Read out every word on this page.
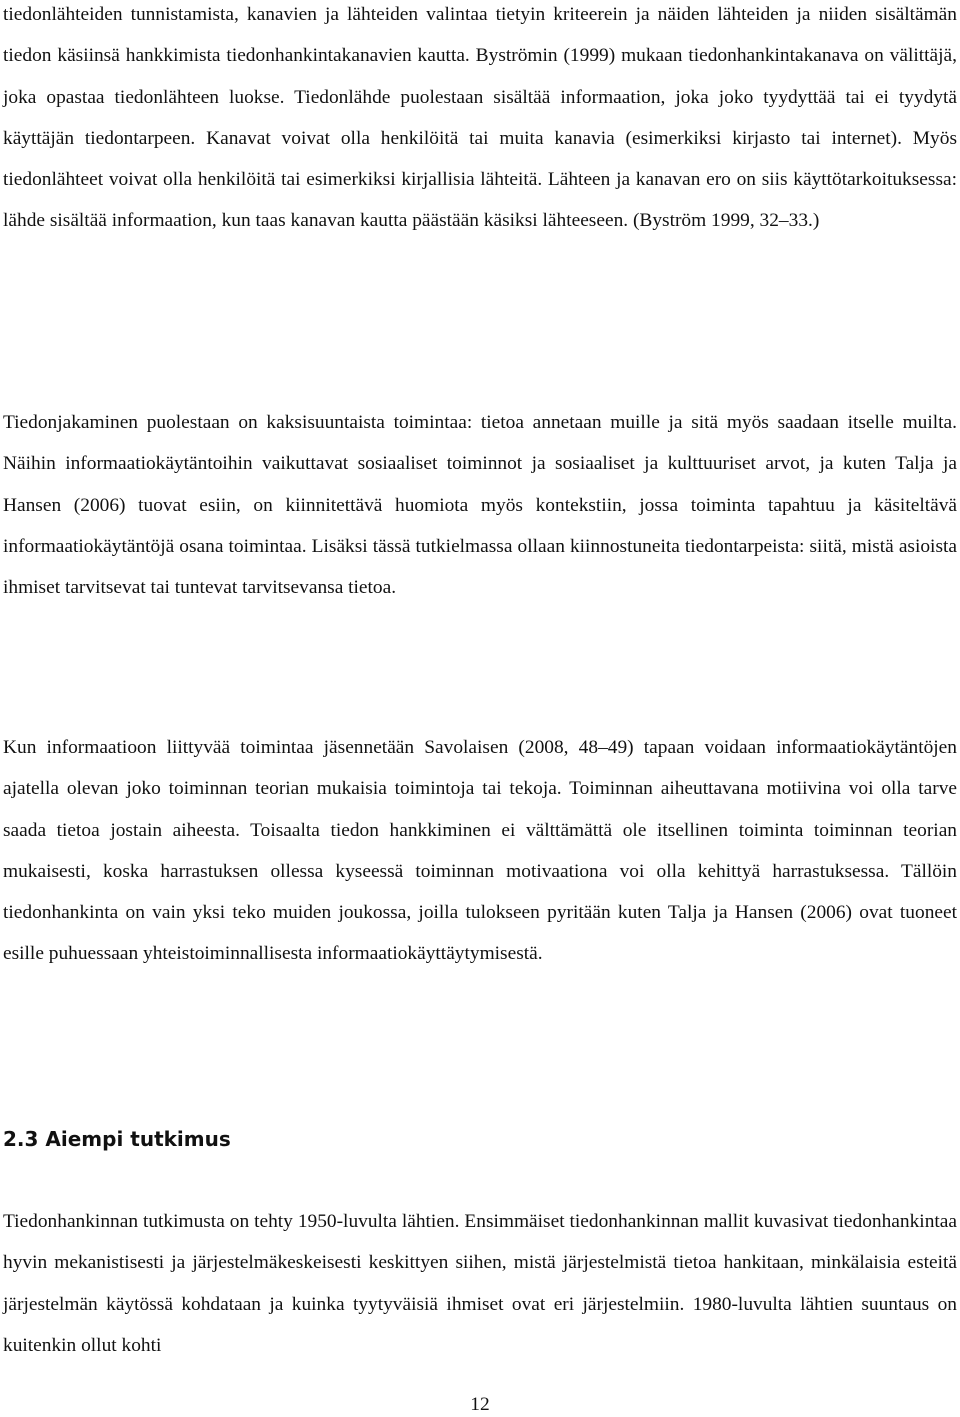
tiedonlähteiden tunnistamista, kanavien ja lähteiden valintaa tietyin kriteerein ja näiden lähteiden ja niiden sisältämän tiedon käsiinsä hankkimista tiedonhankintakanavien kautta. Byströmin (1999) mukaan tiedonhankintakanava on välittäjä, joka opastaa tiedonlähteen luokse. Tiedonlähde puolestaan sisältää informaation, joka joko tyydyttää tai ei tyydytä käyttäjän tiedontarpeen. Kanavat voivat olla henkilöitä tai muita kanavia (esimerkiksi kirjasto tai internet). Myös tiedonlähteet voivat olla henkilöitä tai esimerkiksi kirjallisia lähteitä. Lähteen ja kanavan ero on siis käyttötarkoituksessa: lähde sisältää informaation, kun taas kanavan kautta päästään käsiksi lähteeseen. (Byström 1999, 32–33.)

Tiedonjakaminen puolestaan on kaksisuuntaista toimintaa: tietoa annetaan muille ja sitä myös saadaan itselle muilta. Näihin informaatiokäytäntoihin vaikuttavat sosiaaliset toiminnot ja sosiaaliset ja kulttuuriset arvot, ja kuten Talja ja Hansen (2006) tuovat esiin, on kiinnitettävä huomiota myös kontekstiin, jossa toiminta tapahtuu ja käsiteltävä informaatiokäytäntöjä osana toimintaa. Lisäksi tässä tutkielmassa ollaan kiinnostuneita tiedontarpeista: siitä, mistä asioista ihmiset tarvitsevat tai tuntevat tarvitsevansa tietoa.

Kun informaatioon liittyvää toimintaa jäsennetään Savolaisen (2008, 48–49) tapaan voidaan informaatiokäytäntöjen ajatella olevan joko toiminnan teorian mukaisia toimintoja tai tekoja. Toiminnan aiheuttavana motiivina voi olla tarve saada tietoa jostain aiheesta. Toisaalta tiedon hankkiminen ei välttämättä ole itsellinen toiminta toiminnan teorian mukaisesti, koska harrastuksen ollessa kyseessä toiminnan motivaationa voi olla kehittyä harrastuksessa. Tällöin tiedonhankinta on vain yksi teko muiden joukossa, joilla tulokseen pyritään kuten Talja ja Hansen (2006) ovat tuoneet esille puhuessaan yhteistoiminnallisesta informaatiokäyttäytymisestä.

2.3 Aiempi tutkimus

Tiedonhankinnan tutkimusta on tehty 1950-luvulta lähtien. Ensimmäiset tiedonhankinnan mallit kuvasivat tiedonhankintaa hyvin mekanistisesti ja järjestelmäkeskeisesti keskittyen siihen, mistä järjestelmistä tietoa hankitaan, minkälaisia esteitä järjestelmän käytössä kohdataan ja kuinka tyytyväisiä ihmiset ovat eri järjestelmiin. 1980-luvulta lähtien suuntaus on kuitenkin ollut kohti

12
